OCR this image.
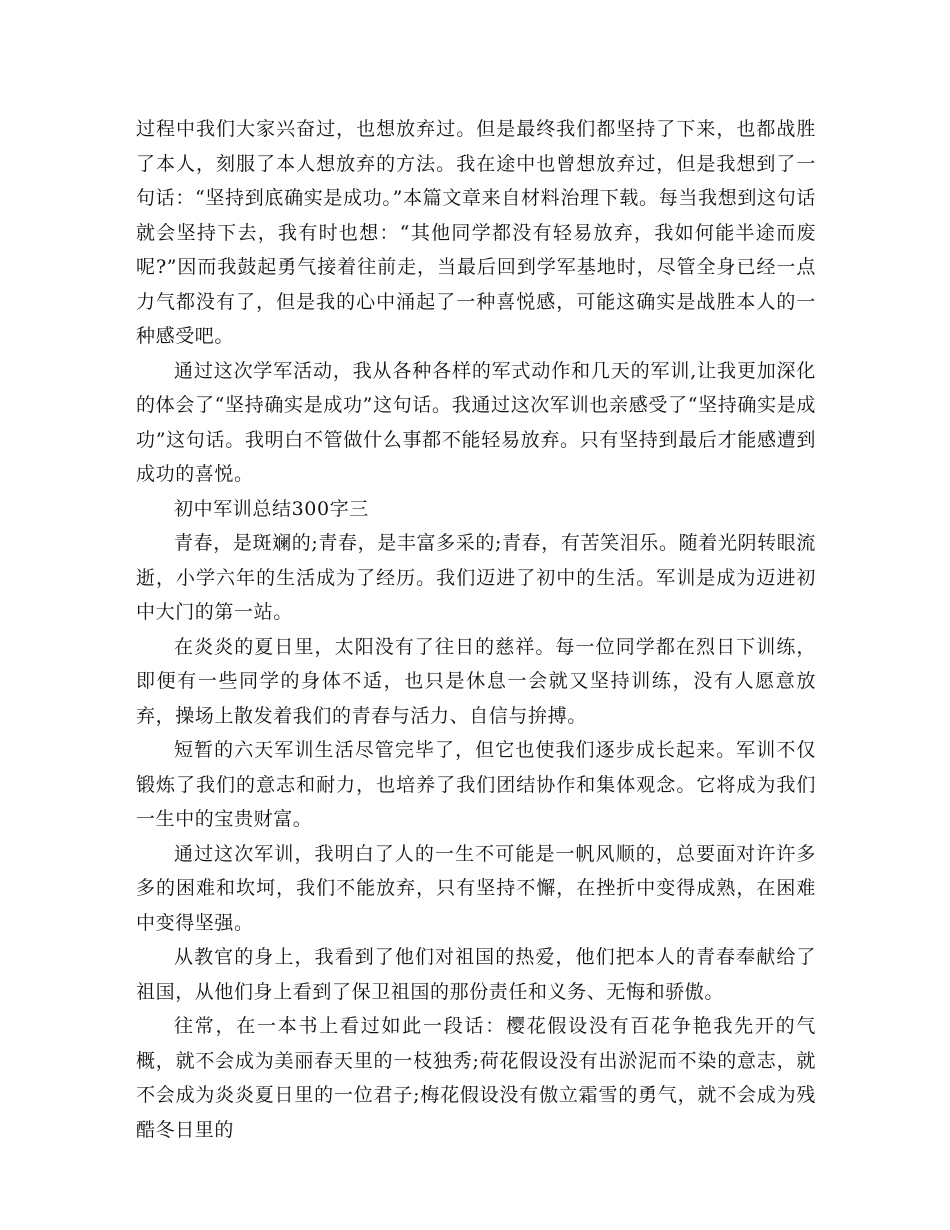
过程中我们大家兴奋过，也想放弃过。但是最终我们都坚持了下来，也都战胜了本人，刻服了本人想放弃的方法。我在途中也曾想放弃过，但是我想到了一句话：“坚持到底确实是成功。”本篇文章来自材料治理下载。每当我想到这句话就会坚持下去，我有时也想：“其他同学都没有轻易放弃，我如何能半途而废呢?”因而我鼓起勇气接着往前走，当最后回到学军基地时，尽管全身已经一点力气都没有了，但是我的心中涌起了一种喜悦感，可能这确实是战胜本人的一种感受吧。

通过这次学军活动，我从各种各样的军式动作和几天的军训,让我更加深化的体会了“坚持确实是成功”这句话。我通过这次军训也亲感受了“坚持确实是成功”这句话。我明白不管做什么事都不能轻易放弃。只有坚持到最后才能感遭到成功的喜悦。

初中军训总结300字三

青春，是斑斓的;青春，是丰富多采的;青春，有苦笑泪乐。随着光阴转眼流逝，小学六年的生活成为了经历。我们迈进了初中的生活。军训是成为迈进初中大门的第一站。

在炎炎的夏日里，太阳没有了往日的慈祥。每一位同学都在烈日下训练，即便有一些同学的身体不适，也只是休息一会就又坚持训练，没有人愿意放弃，操场上散发着我们的青春与活力、自信与拚搏。

短暂的六天军训生活尽管完毕了，但它也使我们逐步成长起来。军训不仅锻炼了我们的意志和耐力，也培养了我们团结协作和集体观念。它将成为我们一生中的宝贵财富。

通过这次军训，我明白了人的一生不可能是一帆风顺的，总要面对许许多多的困难和坎坷，我们不能放弃，只有坚持不懈，在挫折中变得成熟，在困难中变得坚强。

从教官的身上，我看到了他们对祖国的热爱，他们把本人的青春奉献给了祖国，从他们身上看到了保卫祖国的那份责任和义务、无悔和骄傲。

往常，在一本书上看过如此一段话：樱花假设没有百花争艳我先开的气概，就不会成为美丽春天里的一枝独秀;荷花假设没有出淤泥而不染的意志，就不会成为炎炎夏日里的一位君子;梅花假设没有傲立霜雪的勇气，就不会成为残酷冬日里的
